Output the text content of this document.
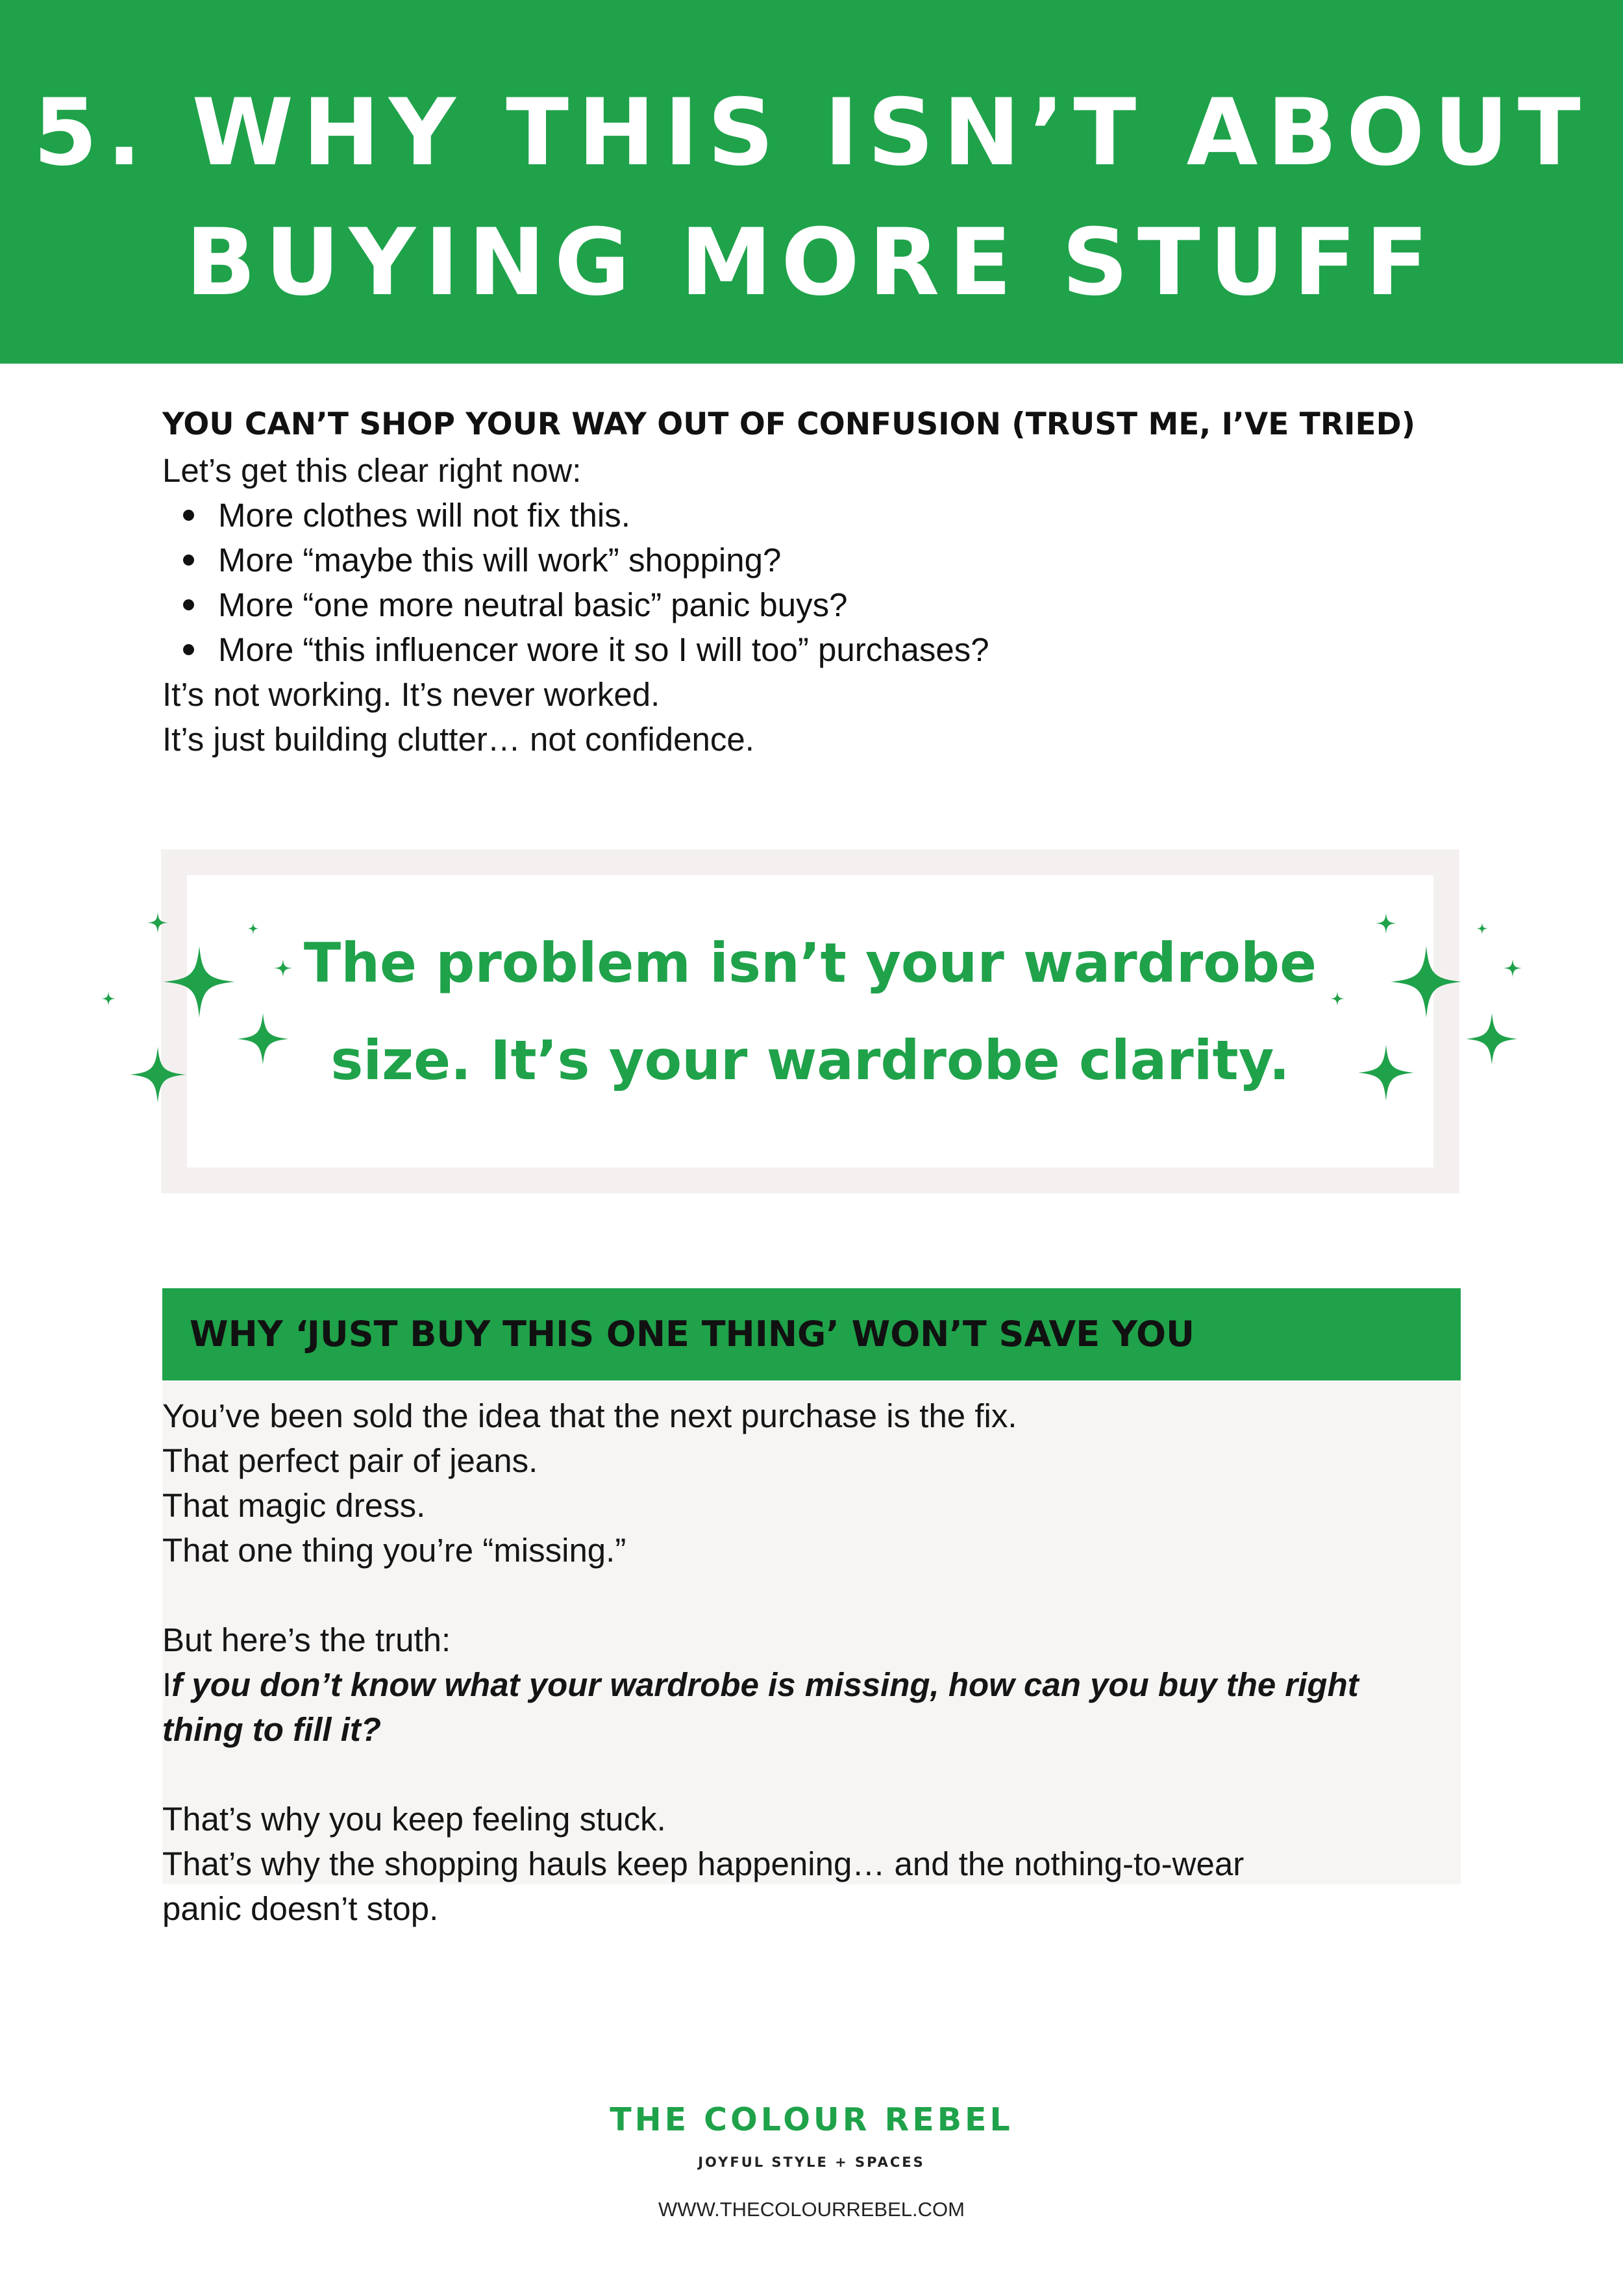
5. WHY THIS ISN’T ABOUT
BUYING MORE STUFF
YOU CAN’T SHOP YOUR WAY OUT OF CONFUSION (TRUST ME, I’VE TRIED)

Let’s get this clear right now:

More clothes will not fix this.
More “maybe this will work” shopping?
More “one more neutral basic” panic buys?
More “this influencer wore it so I will too” purchases?

It’s not working. It’s never worked.

It’s just building clutter… not confidence.

The problem isn’t your wardrobe
size. It’s your wardrobe clarity.

WHY ‘JUST BUY THIS ONE THING’ WON’T SAVE YOU

You’ve been sold the idea that the next purchase is the fix.

That perfect pair of jeans.

That magic dress.

That one thing you’re “missing.”

But here’s the truth:

If you don’t know what your wardrobe is missing, how can you buy the right

thing to fill it?

That’s why you keep feeling stuck.

That’s why the shopping hauls keep happening… and the nothing-to-wear

panic doesn’t stop.

THE COLOUR REBEL

JOYFUL STYLE + SPACES

WWW.THECOLOURREBEL.COM
